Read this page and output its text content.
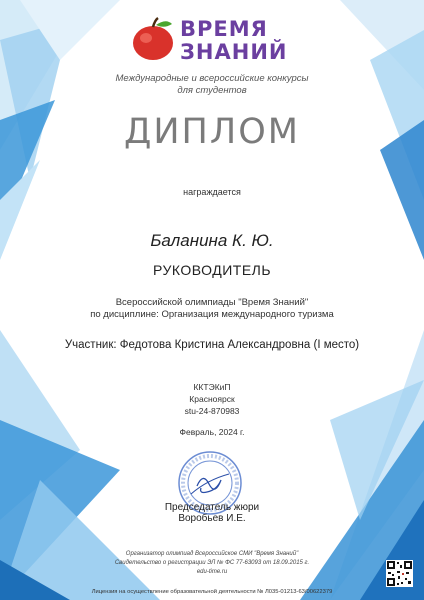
ВРЕМЯ
ЗНАНИЙ
Международные и всероссийские конкурсы
для студентов
ДИПЛОМ
награждается
Баланина К. Ю.
РУКОВОДИТЕЛЬ
Всероссийской олимпиады "Время Знаний"
по дисциплине: Организация международного туризма
Участник: Федотова Кристина Александровна (I место)
ККТЭКиП
Красноярск
stu-24-870983
Февраль, 2024 г.
Председатель жюри
Воробьев И.Е.
Организатор олимпиад Всероссийское СМИ "Время Знаний"
Свидетельство о регистрации ЭЛ № ФС 77-63093 от 18.09.2015 г.
edu-time.ru
Лицензия на осуществление образовательной деятельности № Л035-01213-63/00622379
